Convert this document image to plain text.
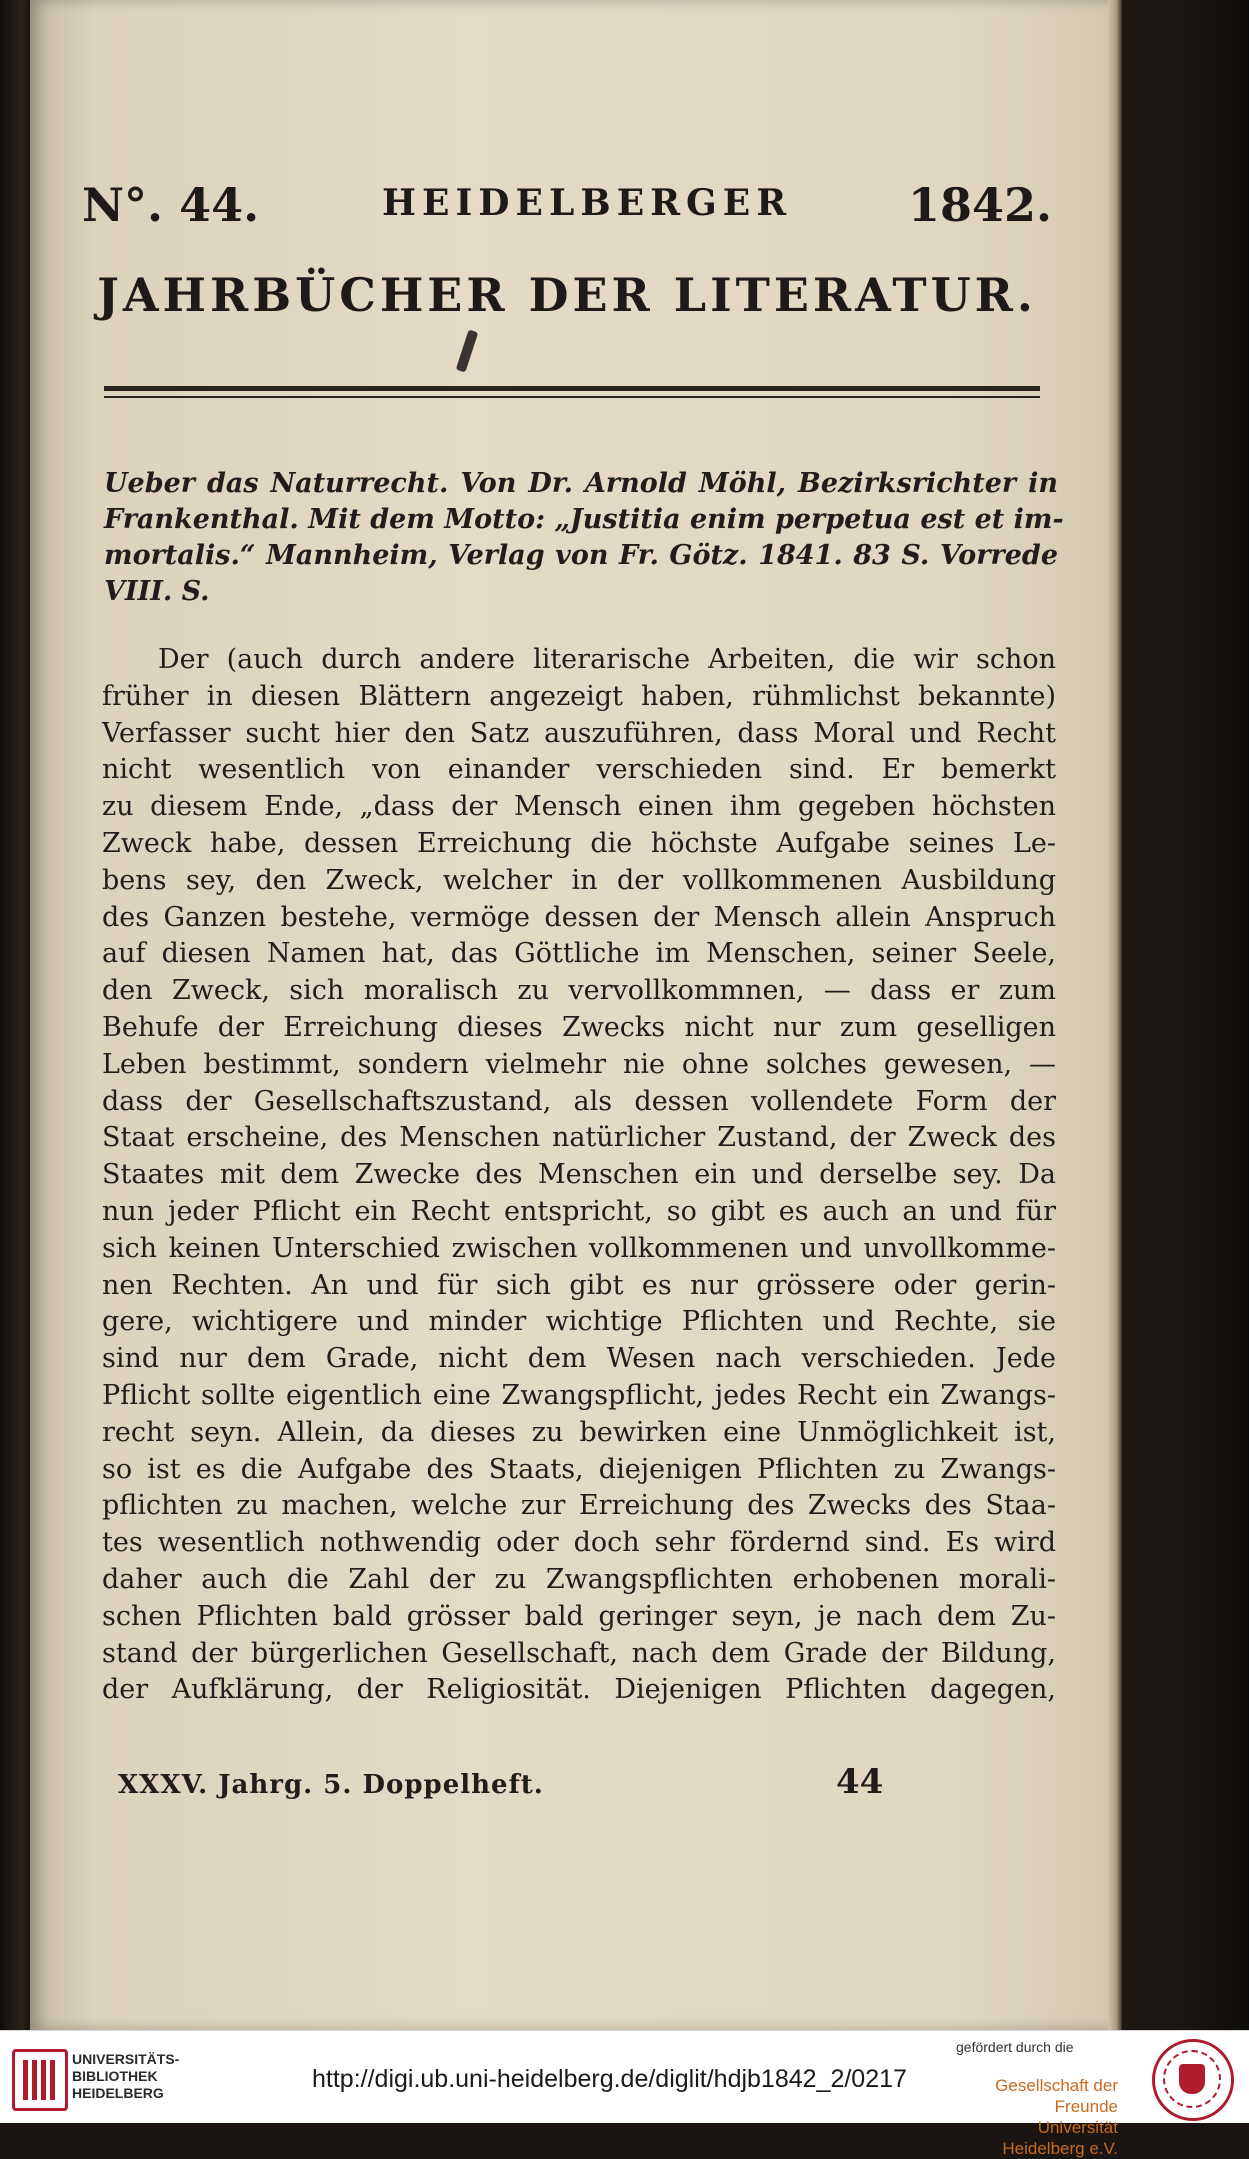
N°. 44.	HEIDELBERGER	1842.
JAHRBÜCHER DER LITERATUR.
Ueber das Naturrecht. Von Dr. Arnold Möhl, Bezirksrichter in
Frankenthal. Mit dem Motto: „Justitia enim perpetua est et im-
mortalis.“ Mannheim, Verlag von Fr. Götz. 1841. 83 S. Vorrede
VIII. S.
Der (auch durch andere literarische Arbeiten, die wir schon
früher in diesen Blättern angezeigt haben, rühmlichst bekannte)
Verfasser sucht hier den Satz auszuführen, dass Moral und Recht
nicht wesentlich von einander verschieden sind. Er bemerkt
zu diesem Ende, „dass der Mensch einen ihm gegeben höchsten
Zweck habe, dessen Erreichung die höchste Aufgabe seines Le-
bens sey, den Zweck, welcher in der vollkommenen Ausbildung
des Ganzen bestehe, vermöge dessen der Mensch allein Anspruch
auf diesen Namen hat, das Göttliche im Menschen, seiner Seele,
den Zweck, sich moralisch zu vervollkommnen, — dass er zum
Behufe der Erreichung dieses Zwecks nicht nur zum geselligen
Leben bestimmt, sondern vielmehr nie ohne solches gewesen, —
dass der Gesellschaftszustand, als dessen vollendete Form der
Staat erscheine, des Menschen natürlicher Zustand, der Zweck des
Staates mit dem Zwecke des Menschen ein und derselbe sey. Da
nun jeder Pflicht ein Recht entspricht, so gibt es auch an und für
sich keinen Unterschied zwischen vollkommenen und unvollkomme-
nen Rechten. An und für sich gibt es nur grössere oder gerin-
gere, wichtigere und minder wichtige Pflichten und Rechte, sie
sind nur dem Grade, nicht dem Wesen nach verschieden. Jede
Pflicht sollte eigentlich eine Zwangspflicht, jedes Recht ein Zwangs-
recht seyn. Allein, da dieses zu bewirken eine Unmöglichkeit ist,
so ist es die Aufgabe des Staats, diejenigen Pflichten zu Zwangs-
pflichten zu machen, welche zur Erreichung des Zwecks des Staa-
tes wesentlich nothwendig oder doch sehr fördernd sind. Es wird
daher auch die Zahl der zu Zwangspflichten erhobenen morali-
schen Pflichten bald grösser bald geringer seyn, je nach dem Zu-
stand der bürgerlichen Gesellschaft, nach dem Grade der Bildung,
der Aufklärung, der Religiosität. Diejenigen Pflichten dagegen,
XXXV. Jahrg. 5. Doppelheft.	44
UNIVERSITÄTS-
BIBLIOTHEK
HEIDELBERG	http://digi.ub.uni-heidelberg.de/diglit/hdjb1842_2/0217
gefördert durch die
Gesellschaft der Freunde
Universität Heidelberg e.V.
